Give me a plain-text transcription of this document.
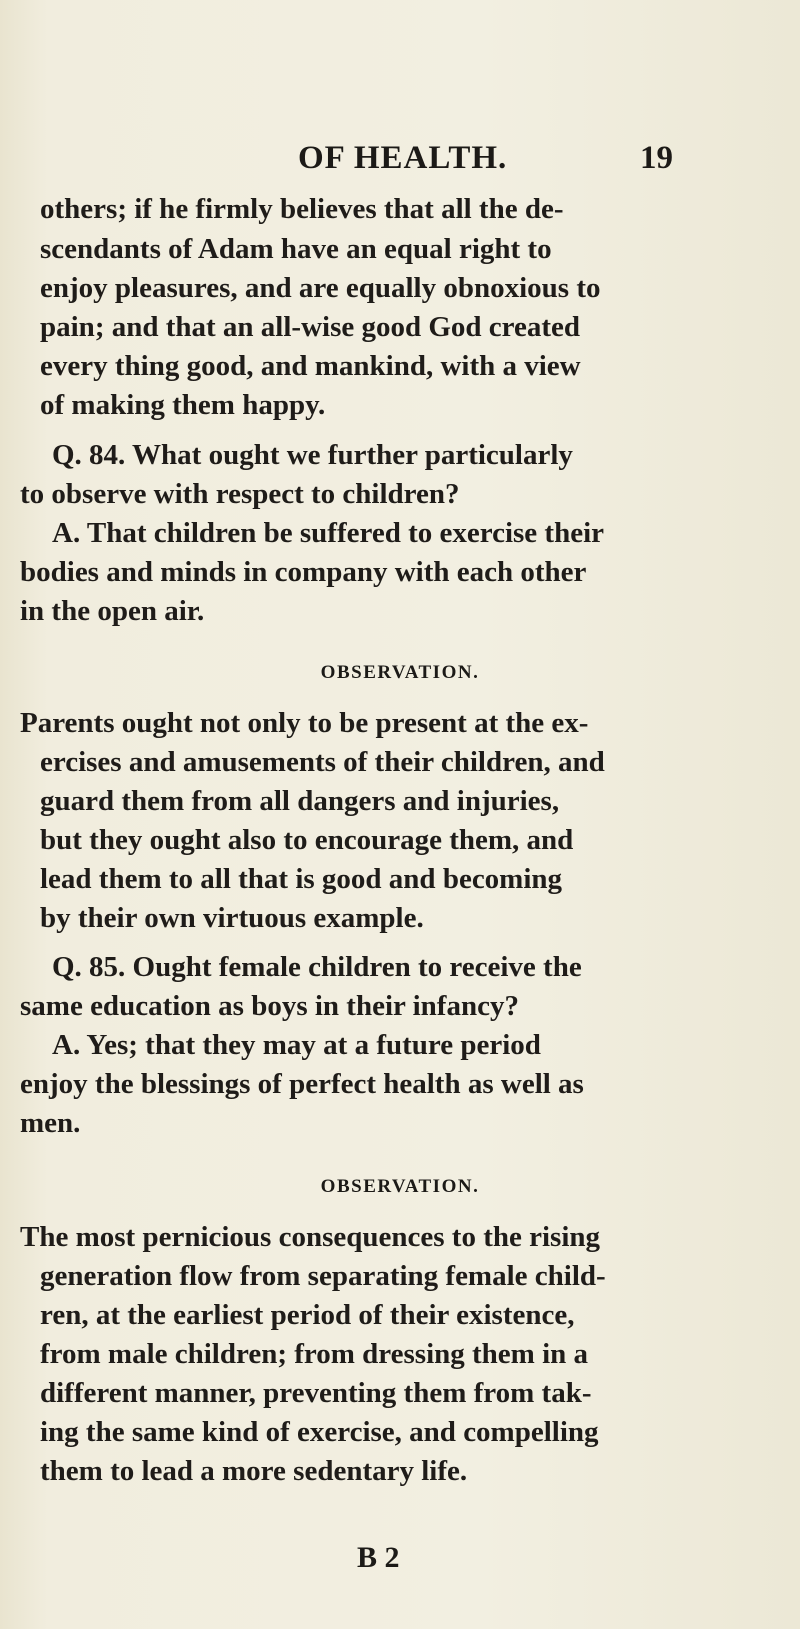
OF HEALTH.	19
others; if he firmly believes that all the de-
scendants of Adam have an equal right to
enjoy pleasures, and are equally obnoxious to
pain; and that an all-wise good God created
every thing good, and mankind, with a view
of making them happy.
Q. 84. What ought we further particularly
to observe with respect to children?
A. That children be suffered to exercise their
bodies and minds in company with each other
in the open air.
OBSERVATION.
Parents ought not only to be present at the ex-
ercises and amusements of their children, and
guard them from all dangers and injuries,
but they ought also to encourage them, and
lead them to all that is good and becoming
by their own virtuous example.
Q. 85. Ought female children to receive the
same education as boys in their infancy?
A. Yes; that they may at a future period
enjoy the blessings of perfect health as well as
men.
OBSERVATION.
The most pernicious consequences to the rising
generation flow from separating female child-
ren, at the earliest period of their existence,
from male children; from dressing them in a
different manner, preventing them from tak-
ing the same kind of exercise, and compelling
them to lead a more sedentary life.
B 2
